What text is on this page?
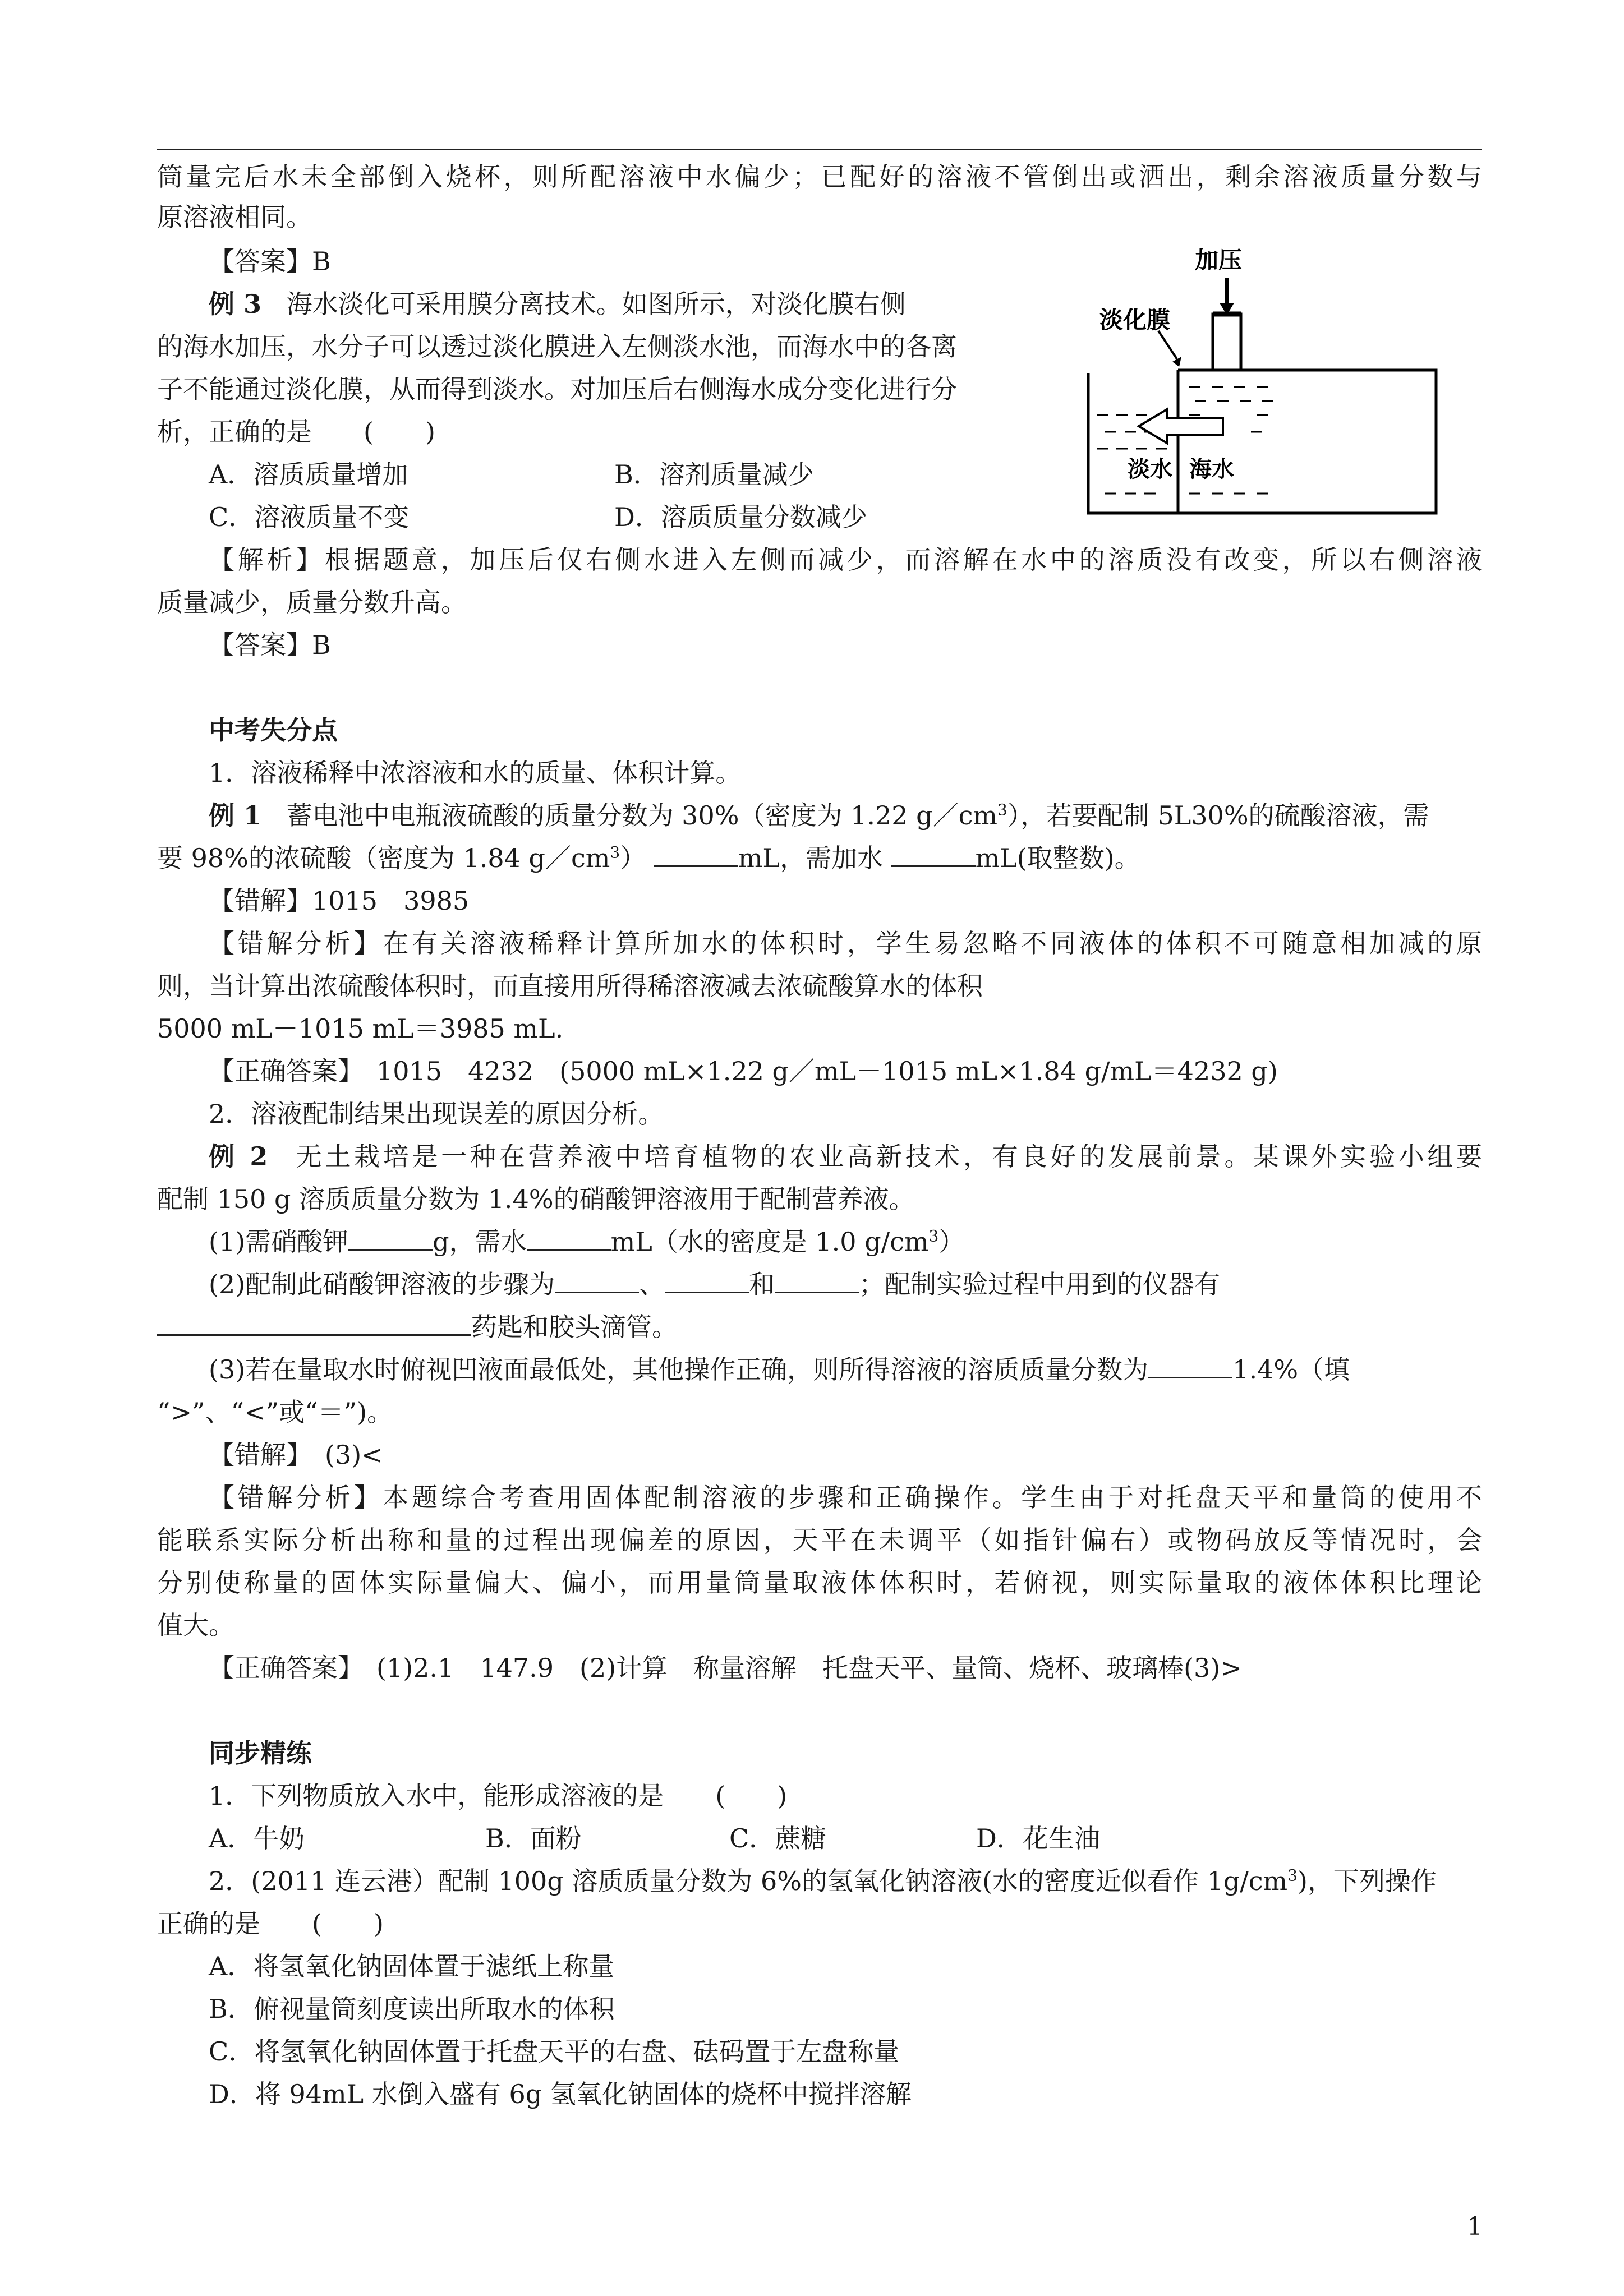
筒量完后水未全部倒入烧杯，则所配溶液中水偏少；已配好的溶液不管倒出或洒出，剩余溶液质量分数与
原溶液相同。
【答案】B
例 3 海水淡化可采用膜分离技术。如图所示，对淡化膜右侧
的海水加压，水分子可以透过淡化膜进入左侧淡水池，而海水中的各离
子不能通过淡化膜，从而得到淡水。对加压后右侧海水成分变化进行分
析，正确的是　　(　　)
A．溶质质量增加	B．溶剂质量减少
C．溶液质量不变	D．溶质质量分数减少
加压
淡化膜
淡水 海水
【解析】根据题意，加压后仅右侧水进入左侧而减少，而溶解在水中的溶质没有改变，所以右侧溶液
质量减少，质量分数升高。
【答案】B
中考失分点
1．溶液稀释中浓溶液和水的质量、体积计算。
例 1 蓄电池中电瓶液硫酸的质量分数为 30%（密度为 1.22 $g/cm^3$），若要配制 5L30%的硫酸溶液，需
要 98%的浓硫酸（密度为 1.84 $g/cm^3$）	mL，需加水	mL(取整数)。
【错解】1015　3985
【错解分析】在有关溶液稀释计算所加水的体积时，学生易忽略不同液体的体积不可随意相加减的原
则，当计算出浓硫酸体积时，而直接用所得稀溶液减去浓硫酸算水的体积
5000 mL－1015 mL＝3985 mL.
【正确答案】　1015　4232　(5000 mL×1.22 g／mL－1015 mL×1.84 g/mL＝4232 g)
2．溶液配制结果出现误差的原因分析。
例 2 无土栽培是一种在营养液中培育植物的农业高新技术，有良好的发展前景。某课外实验小组要
配制 150 g 溶质质量分数为 1.4%的硝酸钾溶液用于配制营养液。
(1)需硝酸钾	g，需水	mL（水的密度是 1.0 $g/cm^3$）
(2)配制此硝酸钾溶液的步骤为	、	和	；配制实验过程中用到的仪器有
药匙和胶头滴管。
(3)若在量取水时俯视凹液面最低处，其他操作正确，则所得溶液的溶质质量分数为	1.4%（填
“>”、“<”或“＝”)。
【错解】　(3)<
【错解分析】本题综合考查用固体配制溶液的步骤和正确操作。学生由于对托盘天平和量筒的使用不
能联系实际分析出称和量的过程出现偏差的原因，天平在未调平（如指针偏右）或物码放反等情况时，会
分别使称量的固体实际量偏大、偏小，而用量筒量取液体体积时，若俯视，则实际量取的液体体积比理论
值大。
【正确答案】　(1)2.1　147.9　(2)计算　称量溶解　托盘天平、量筒、烧杯、玻璃棒(3)>
同步精练
1．下列物质放入水中，能形成溶液的是　　(　　)
A．牛奶	B．面粉	C．蔗糖	D．花生油
2．(2011 连云港）配制 100g 溶质质量分数为 6%的氢氧化钠溶液(水的密度近似看作 $1g/cm^3$)，下列操作
正确的是　　(　　)
A．将氢氧化钠固体置于滤纸上称量
B．俯视量筒刻度读出所取水的体积
C．将氢氧化钠固体置于托盘天平的右盘、砝码置于左盘称量
D．将 94mL 水倒入盛有 6g 氢氧化钠固体的烧杯中搅拌溶解
1
